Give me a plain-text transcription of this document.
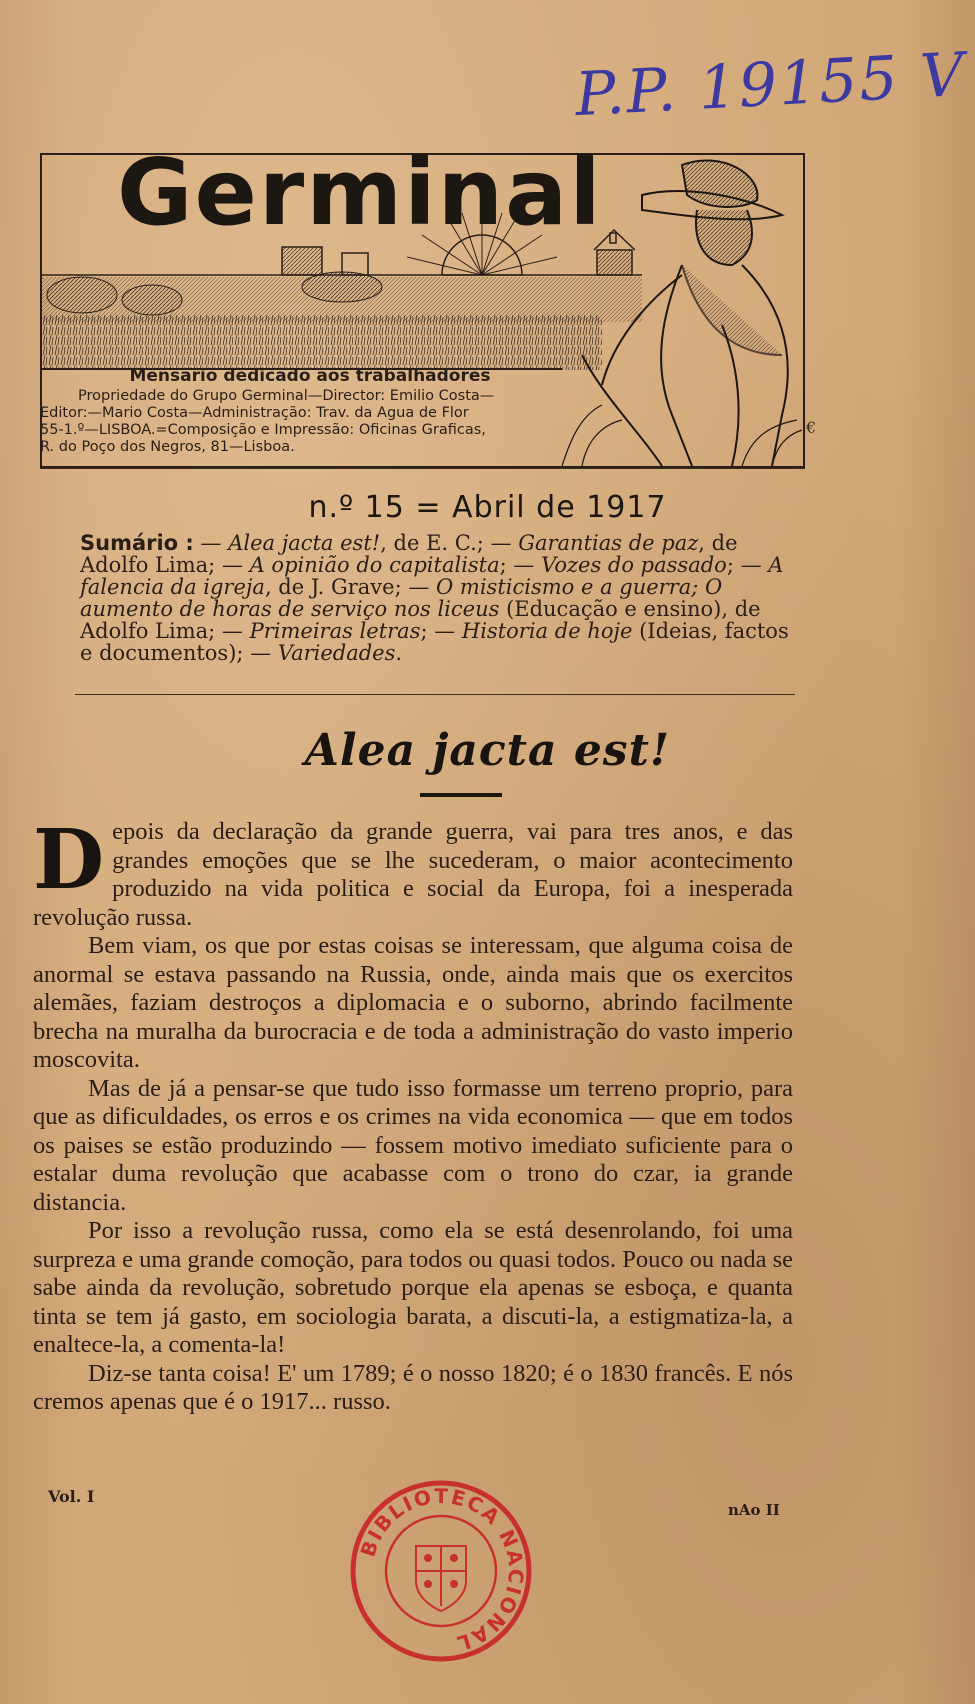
P.P. 19155 V
Germinal
Mensario dedicado aos trabalhadores
Propriedade do Grupo Germinal—Director: Emilio Costa—
Editor:—Mario Costa—Administração: Trav. da Agua de Flor
55-1.º—LISBOA.=Composição e Impressão: Oficinas Graficas,
R. do Poço dos Negros, 81—Lisboa.
€
n.º 15 = Abril de 1917
Sumário : — Alea jacta est!, de E. C.; — Garantias de paz, de Adolfo Lima; — A opinião do capitalista; — Vozes do passado; — A falencia da igreja, de J. Grave; — O misticismo e a guerra; O aumento de horas de serviço nos liceus (Educação e ensino), de Adolfo Lima; — Primeiras letras; — Historia de hoje (Ideias, factos e documentos); — Variedades.
Alea jacta est!

Depois da declaração da grande guerra, vai para tres anos, e das grandes emoções que se lhe sucederam, o maior acontecimento produzido na vida politica e social da Europa, foi a inesperada revolução russa.

Bem viam, os que por estas coisas se interessam, que alguma coisa de anormal se estava passando na Russia, onde, ainda mais que os exercitos alemães, faziam destroços a diplomacia e o suborno, abrindo facilmente brecha na muralha da burocracia e de toda a administração do vasto imperio moscovita.

Mas de já a pensar-se que tudo isso formasse um terreno proprio, para que as dificuldades, os erros e os crimes na vida economica — que em todos os paises se estão produzindo — fossem motivo imediato suficiente para o estalar duma revolução que acabasse com o trono do czar, ia grande distancia.

Por isso a revolução russa, como ela se está desenrolando, foi uma surpreza e uma grande comoção, para todos ou quasi todos. Pouco ou nada se sabe ainda da revolução, sobretudo porque ela apenas se esboça, e quanta tinta se tem já gasto, em sociologia barata, a discuti-la, a estigmatiza-la, a enaltece-la, a comenta-la!

Diz-se tanta coisa! E' um 1789; é o nosso 1820; é o 1830 francês. E nós cremos apenas que é o 1917... russo.

Vol. I
nAo II
BIBLIOTECA NACIONAL
